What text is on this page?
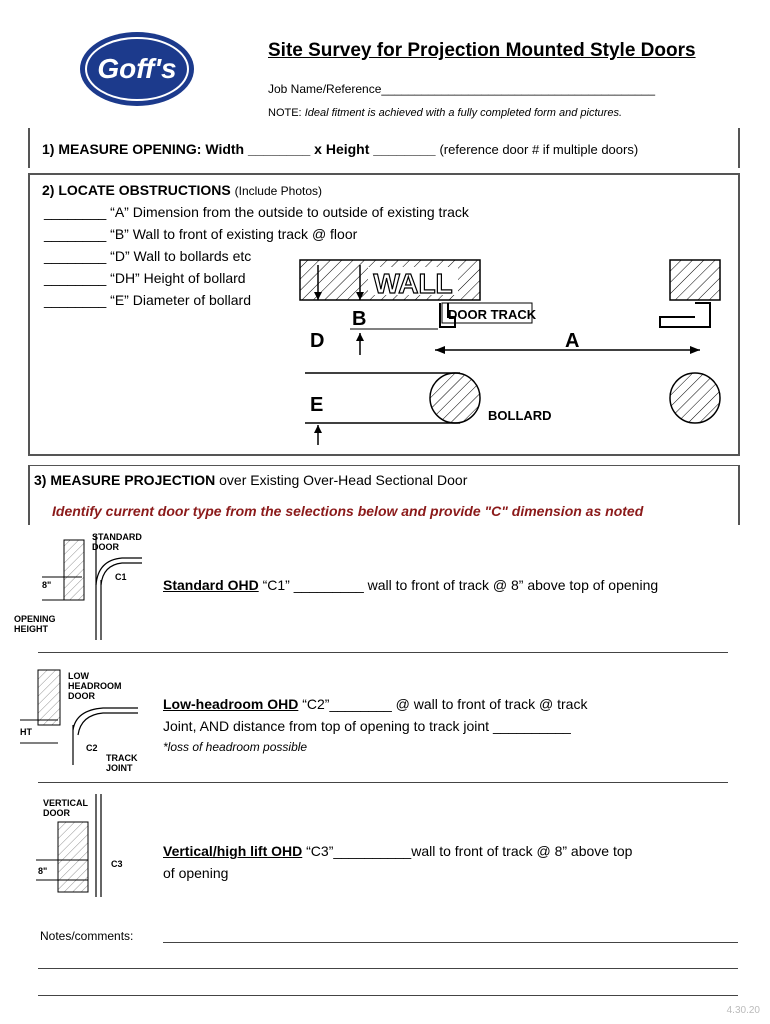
Goff's
Site Survey for Projection Mounted Style Doors
Job Name/Reference_________________________________________
NOTE: Ideal fitment is achieved with a fully completed form and pictures.
1) MEASURE OPENING: Width ________ x Height ________ (reference door # if multiple doors)
2) LOCATE OBSTRUCTIONS (Include Photos)
________ “A” Dimension from the outside to outside of existing track
________ “B” Wall to front of existing track @ floor
________ “D” Wall to bollards etc
________ “DH” Height of bollard
________ “E” Diameter of bollard
WALL
DOOR TRACK
B
D	A
BOLLARD
E
3) MEASURE PROJECTION over Existing Over-Head Sectional Door
Identify current door type from the selections below and provide "C" dimension as noted
STANDARD
DOOR
C1
8"
OPENING
HEIGHT
Standard OHD “C1” _________ wall to front of track @ 8” above top of opening
LOW
HEADROOM
DOOR
HT
C2
TRACK
JOINT
Low-headroom OHD “C2”________ @ wall to front of track @ track
Joint, AND distance from top of opening to track joint __________
*loss of headroom possible
VERTICAL
DOOR
C3
8"
Vertical/high lift OHD “C3”__________wall to front of track @ 8” above top
of opening
Notes/comments:
4.30.20
